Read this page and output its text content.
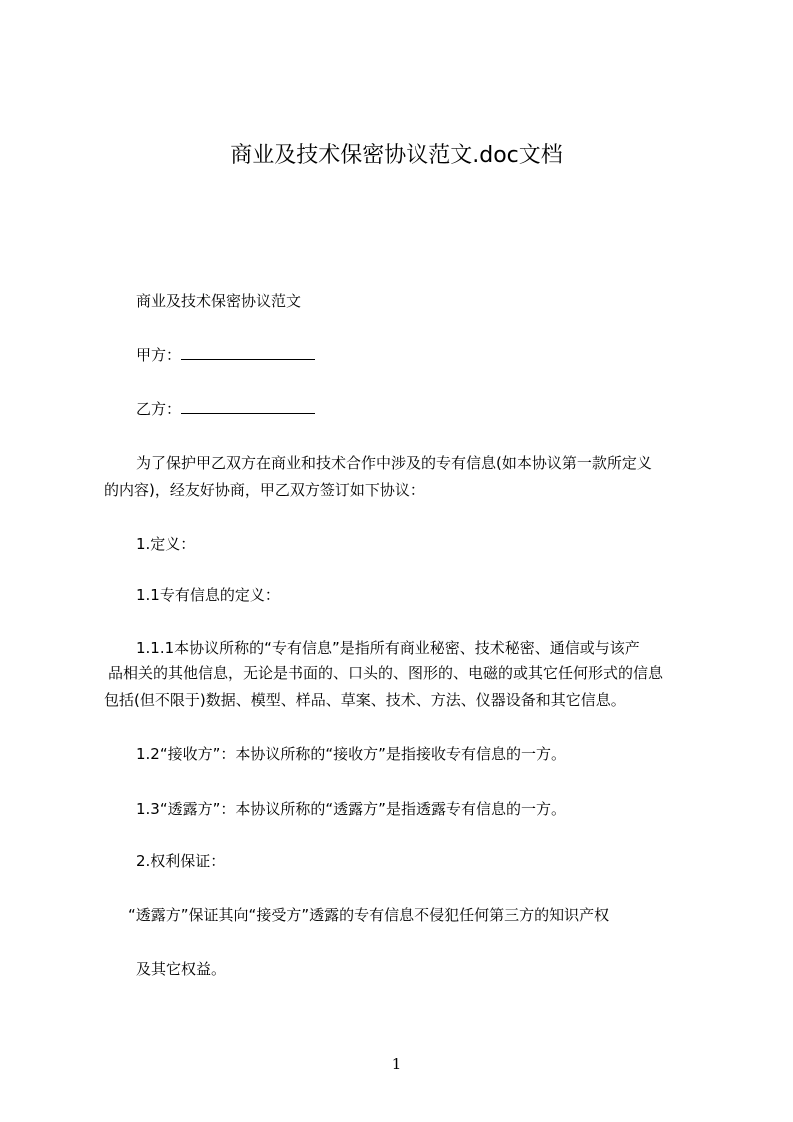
商业及技术保密协议范文.doc文档
商业及技术保密协议范文
甲方：
乙方：
为了保护甲乙双方在商业和技术合作中涉及的专有信息(如本协议第一款所定义
的内容)，经友好协商，甲乙双方签订如下协议：
1.定义：
1.1专有信息的定义：
1.1.1本协议所称的“专有信息”是指所有商业秘密、技术秘密、通信或与该产
品相关的其他信息，无论是书面的、口头的、图形的、电磁的或其它任何形式的信息
包括(但不限于)数据、模型、样品、草案、技术、方法、仪器设备和其它信息。
1.2“接收方”：本协议所称的“接收方”是指接收专有信息的一方。
1.3“透露方”：本协议所称的“透露方”是指透露专有信息的一方。
2.权利保证：
“透露方”保证其向“接受方”透露的专有信息不侵犯任何第三方的知识产权
及其它权益。
1
